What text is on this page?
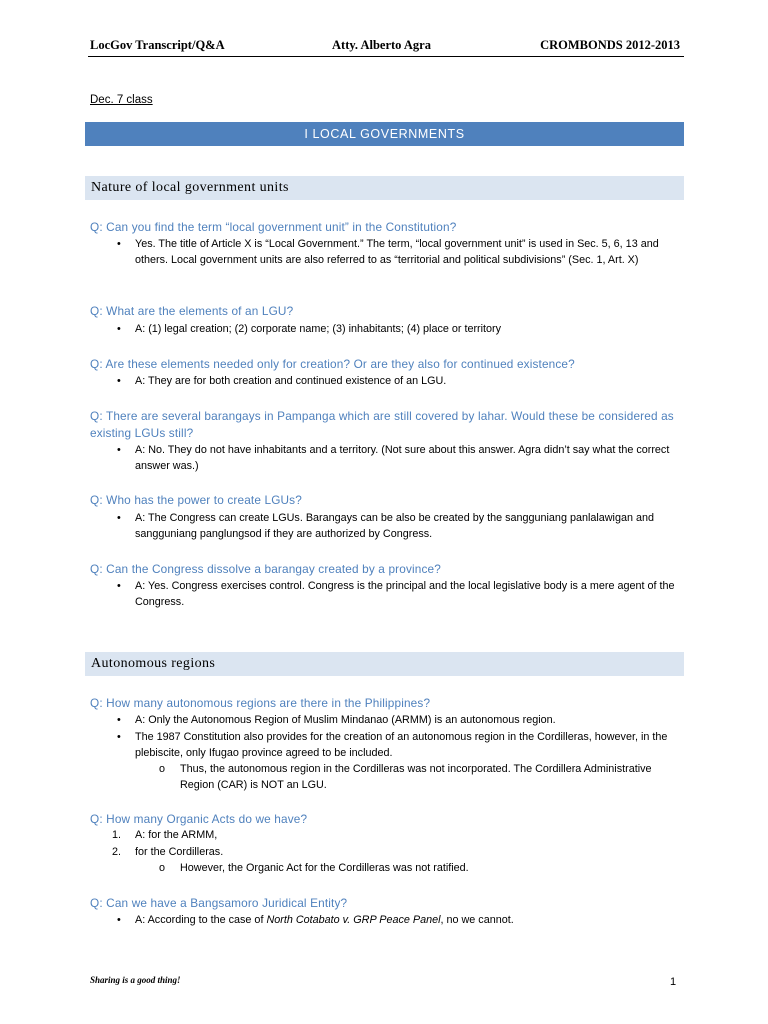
LocGov Transcript/Q&A	Atty. Alberto Agra	CROMBONDS 2012-2013
Dec. 7 class
I LOCAL GOVERNMENTS
Nature of local government units
Q: Can you find the term “local government unit” in the Constitution?
• Yes. The title of Article X is “Local Government.” The term, “local government unit” is used in Sec. 5, 6, 13 and others. Local government units are also referred to as “territorial and political subdivisions” (Sec. 1, Art. X)
Q: What are the elements of an LGU?
• A: (1) legal creation; (2) corporate name; (3) inhabitants; (4) place or territory
Q: Are these elements needed only for creation? Or are they also for continued existence?
• A: They are for both creation and continued existence of an LGU.
Q: There are several barangays in Pampanga which are still covered by lahar. Would these be considered as existing LGUs still?
• A: No. They do not have inhabitants and a territory. (Not sure about this answer. Agra didn’t say what the correct answer was.)
Q: Who has the power to create LGUs?
• A: The Congress can create LGUs. Barangays can be also be created by the sangguniang panlalawigan and sangguniang panglungsod if they are authorized by Congress.
Q: Can the Congress dissolve a barangay created by a province?
• A: Yes. Congress exercises control. Congress is the principal and the local legislative body is a mere agent of the Congress.
Autonomous regions
Q: How many autonomous regions are there in the Philippines?
• A: Only the Autonomous Region of Muslim Mindanao (ARMM) is an autonomous region.
• The 1987 Constitution also provides for the creation of an autonomous region in the Cordilleras, however, in the plebiscite, only Ifugao province agreed to be included.
o Thus, the autonomous region in the Cordilleras was not incorporated. The Cordillera Administrative Region (CAR) is NOT an LGU.
Q: How many Organic Acts do we have?
1. A: for the ARMM,
2. for the Cordilleras.
o However, the Organic Act for the Cordilleras was not ratified.
Q: Can we have a Bangsamoro Juridical Entity?
• A: According to the case of North Cotabato v. GRP Peace Panel, no we cannot.
Sharing is a good thing!	1
